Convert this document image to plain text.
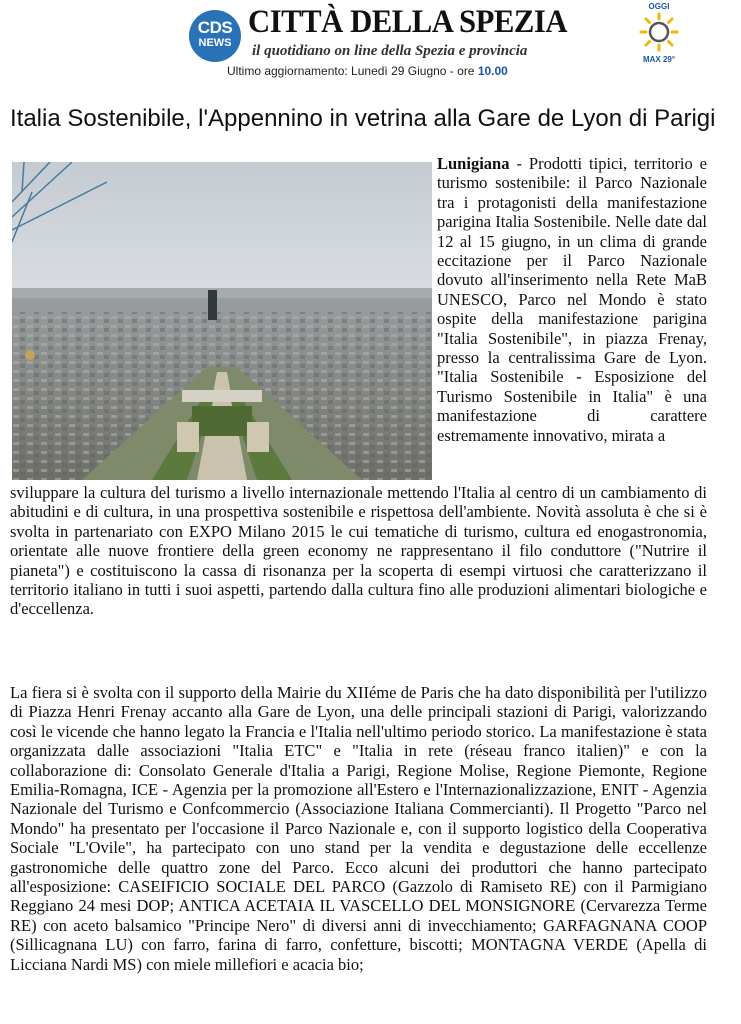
CDS
NEWS
CITTÀ DELLA SPEZIA
il quotidiano on line della Spezia e provincia
Ultimo aggiornamento: Lunedì 29 Giugno - ore 10.00
OGGI
MAX 29°
Italia Sostenibile, l'Appennino in vetrina alla Gare de Lyon di Parigi

Lunigiana - Prodotti tipici, territorio e turismo sostenibile: il Parco Nazionale tra i protagonisti della manifestazione parigina Italia Sostenibile. Nelle date dal 12 al 15 giugno, in un clima di grande eccitazione per il Parco Nazionale dovuto all'inserimento nella Rete MaB UNESCO, Parco nel Mondo è stato ospite della manifestazione parigina "Italia Sostenibile", in piazza Frenay, presso la centralissima Gare de Lyon. "Italia Sostenibile - Esposizione del Turismo Sostenibile in Italia" è una manifestazione di carattere estremamente innovativo, mirata a

sviluppare la cultura del turismo a livello internazionale mettendo l'Italia al centro di un cambiamento di abitudini e di cultura, in una prospettiva sostenibile e rispettosa dell'ambiente. Novità assoluta è che si è svolta in partenariato con EXPO Milano 2015 le cui tematiche di turismo, cultura ed enogastronomia, orientate alle nuove frontiere della green economy ne rappresentano il filo conduttore ("Nutrire il pianeta") e costituiscono la cassa di risonanza per la scoperta di esempi virtuosi che caratterizzano il territorio italiano in tutti i suoi aspetti, partendo dalla cultura fino alle produzioni alimentari biologiche e d'eccellenza.

La fiera si è svolta con il supporto della Mairie du XIIéme de Paris che ha dato disponibilità per l'utilizzo di Piazza Henri Frenay accanto alla Gare de Lyon, una delle principali stazioni di Parigi, valorizzando così le vicende che hanno legato la Francia e l'Italia nell'ultimo periodo storico. La manifestazione è stata organizzata dalle associazioni "Italia ETC" e "Italia in rete (réseau franco italien)" e con la collaborazione di: Consolato Generale d'Italia a Parigi, Regione Molise, Regione Piemonte, Regione Emilia-Romagna, ICE - Agenzia per la promozione all'Estero e l'Internazionalizzazione, ENIT - Agenzia Nazionale del Turismo e Confcommercio (Associazione Italiana Commercianti). Il Progetto "Parco nel Mondo" ha presentato per l'occasione il Parco Nazionale e, con il supporto logistico della Cooperativa Sociale "L'Ovile", ha partecipato con uno stand per la vendita e degustazione delle eccellenze gastronomiche delle quattro zone del Parco. Ecco alcuni dei produttori che hanno partecipato all'esposizione: CASEIFICIO SOCIALE DEL PARCO (Gazzolo di Ramiseto RE) con il Parmigiano Reggiano 24 mesi DOP; ANTICA ACETAIA IL VASCELLO DEL MONSIGNORE (Cervarezza Terme RE) con aceto balsamico "Principe Nero" di diversi anni di invecchiamento; GARFAGNANA COOP (Sillicagnana LU) con farro, farina di farro, confetture, biscotti; MONTAGNA VERDE (Apella di Licciana Nardi MS) con miele millefiori e acacia bio;
